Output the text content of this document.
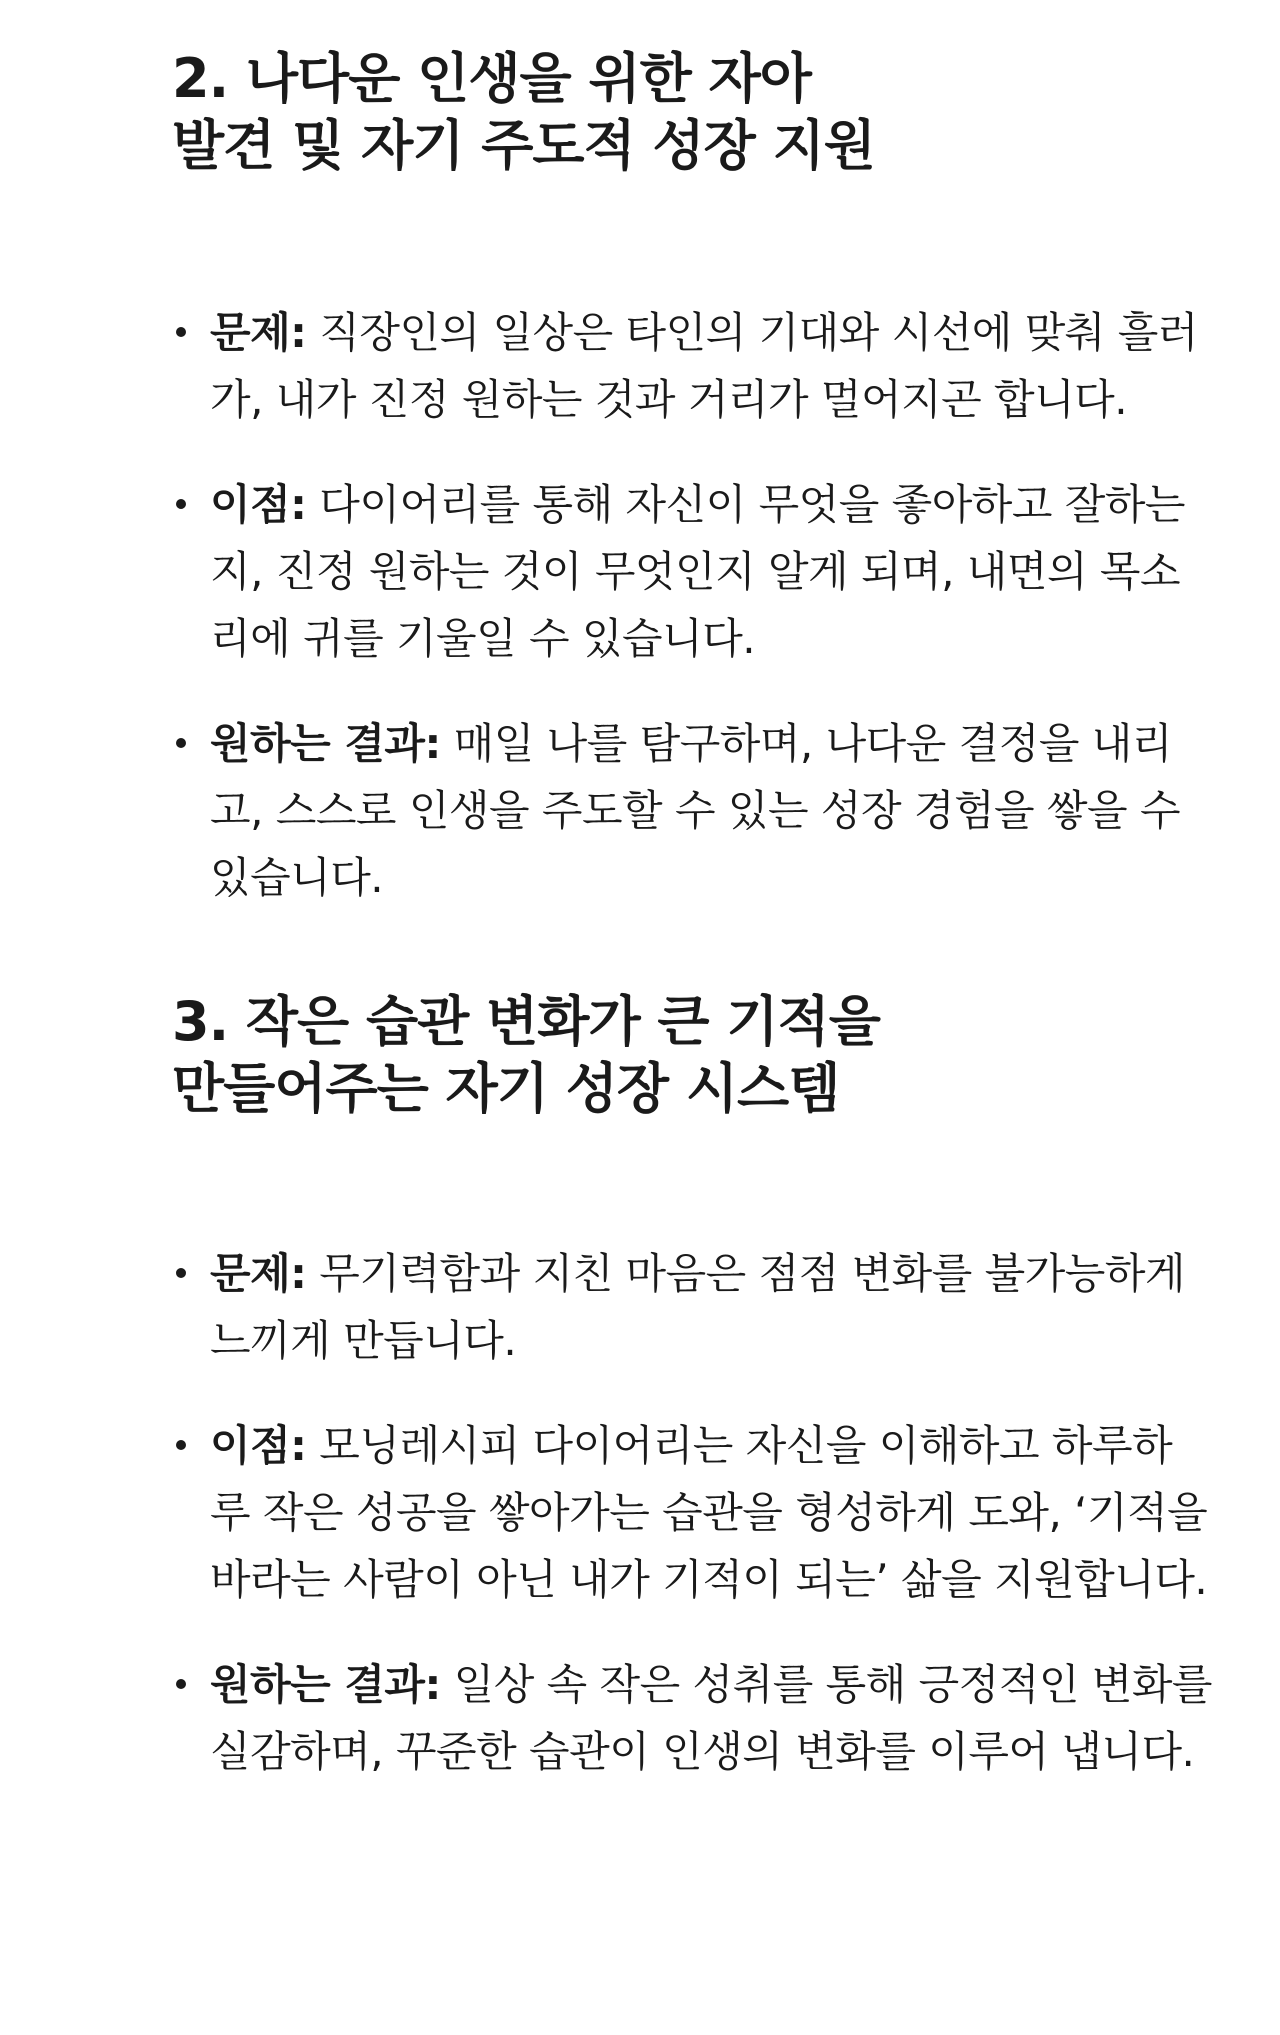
2. 나다운 인생을 위한 자아
발견 및 자기 주도적 성장 지원
문제: 직장인의 일상은 타인의 기대와 시선에 맞춰 흘러가, 내가 진정 원하는 것과 거리가 멀어지곤 합니다.
이점: 다이어리를 통해 자신이 무엇을 좋아하고 잘하는지, 진정 원하는 것이 무엇인지 알게 되며, 내면의 목소리에 귀를 기울일 수 있습니다.
원하는 결과: 매일 나를 탐구하며, 나다운 결정을 내리고, 스스로 인생을 주도할 수 있는 성장 경험을 쌓을 수 있습니다.
3. 작은 습관 변화가 큰 기적을
만들어주는 자기 성장 시스템
문제: 무기력함과 지친 마음은 점점 변화를 불가능하게 느끼게 만듭니다.
이점: 모닝레시피 다이어리는 자신을 이해하고 하루하루 작은 성공을 쌓아가는 습관을 형성하게 도와, ‘기적을 바라는 사람이 아닌 내가 기적이 되는’ 삶을 지원합니다.
원하는 결과: 일상 속 작은 성취를 통해 긍정적인 변화를 실감하며, 꾸준한 습관이 인생의 변화를 이루어 냅니다.
